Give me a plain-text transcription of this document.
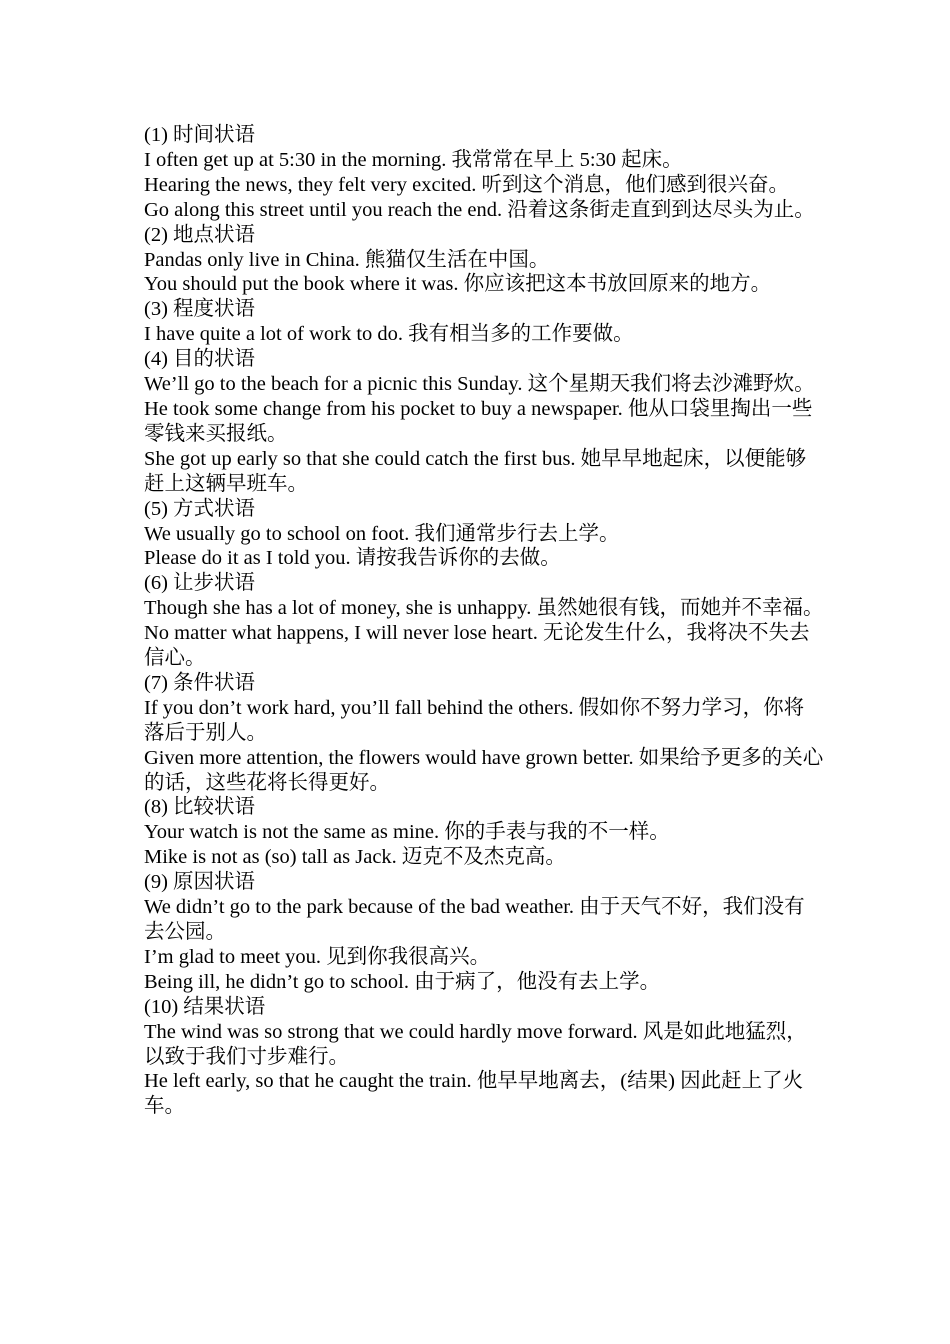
(1) 时间状语
I often get up at 5:30 in the morning. 我常常在早上 5:30 起床。
Hearing the news, they felt very excited. 听到这个消息，他们感到很兴奋。
Go along this street until you reach the end. 沿着这条街走直到到达尽头为止。
(2) 地点状语
Pandas only live in China. 熊猫仅生活在中国。
You should put the book where it was. 你应该把这本书放回原来的地方。
(3) 程度状语
I have quite a lot of work to do. 我有相当多的工作要做。
(4) 目的状语
We’ll go to the beach for a picnic this Sunday. 这个星期天我们将去沙滩野炊。
He took some change from his pocket to buy a newspaper. 他从口袋里掏出一些零钱来买报纸。
She got up early so that she could catch the first bus. 她早早地起床，以便能够赶上这辆早班车。
(5) 方式状语
We usually go to school on foot. 我们通常步行去上学。
Please do it as I told you. 请按我告诉你的去做。
(6) 让步状语
Though she has a lot of money, she is unhappy. 虽然她很有钱，而她并不幸福。
No matter what happens, I will never lose heart. 无论发生什么，我将决不失去信心。
(7) 条件状语
If you don’t work hard, you’ll fall behind the others. 假如你不努力学习，你将落后于别人。
Given more attention, the flowers would have grown better. 如果给予更多的关心的话，这些花将长得更好。
(8) 比较状语
Your watch is not the same as mine. 你的手表与我的不一样。
Mike is not as (so) tall as Jack. 迈克不及杰克高。
(9) 原因状语
We didn’t go to the park because of the bad weather. 由于天气不好，我们没有去公园。
I’m glad to meet you. 见到你我很高兴。
Being ill, he didn’t go to school. 由于病了，他没有去上学。
(10) 结果状语
The wind was so strong that we could hardly move forward. 风是如此地猛烈，以致于我们寸步难行。
He left early, so that he caught the train. 他早早地离去，(结果) 因此赶上了火车。
